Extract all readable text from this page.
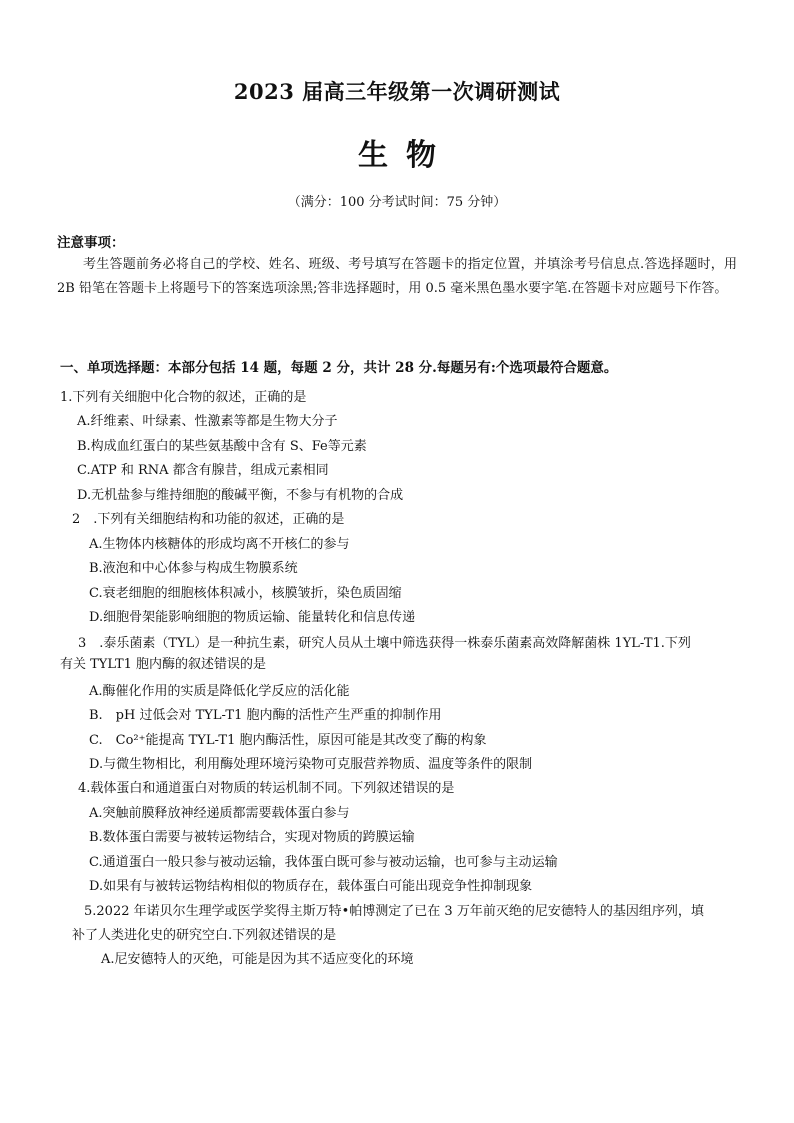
2023 届高三年级第一次调研测试
生物
（满分：100 分考试时间：75 分钟）
注意事项：
考生答题前务必将自己的学校、姓名、班级、考号填写在答题卡的指定位置，并填涂考号信息点.答选择题时，用 2B 铅笔在答题卡上将题号下的答案选项涂黑;答非选择题时，用 0.5 毫米黑色墨水要字笔.在答题卡对应题号下作答。
一、单项选择题：本部分包括 14 题，每题 2 分，共计 28 分.每题另有:个选项最符合题意。
1.下列有关细胞中化合物的叙述，正确的是
A.纤维素、叶绿素、性激素等都是生物大分子
B.构成血红蛋白的某些氨基酸中含有 S、Fe等元素
C.ATP 和 RNA 都含有腺昔，组成元素相同
D.无机盐参与维持细胞的酸碱平衡，不参与有机物的合成
2　.下列有关细胞结构和功能的叙述，正确的是
A.生物体内核糖体的形成均离不开核仁的参与
B.液泡和中心体参与构成生物膜系统
C.衰老细胞的细胞核体积减小，核膜皱折，染色质固缩
D.细胞骨架能影响细胞的物质运输、能量转化和信息传递
3　.泰乐菌素（TYL）是一种抗生素，研究人员从土壤中筛选获得一株泰乐菌素高效降解菌株 1YL-T1.下列
有关 TYLT1 胞内酶的叙述错误的是
A.酶催化作用的实质是降低化学反应的活化能
B.　pH 过低会对 TYL-T1 胞内酶的活性产生严重的抑制作用
C.　Co²⁺能提高 TYL-T1 胞内酶活性，原因可能是其改变了酶的构象
D.与微生物相比，利用酶处理环境污染物可克服营养物质、温度等条件的限制
4.载体蛋白和通道蛋白对物质的转运机制不同。下列叙述错误的是
A.突触前膜释放神经递质都需要载体蛋白参与
B.数体蛋白需要与被转运物结合，实现对物质的跨膜运输
C.通道蛋白一般只参与被动运输，我体蛋白既可参与被动运输，也可参与主动运输
D.如果有与被转运物结构相似的物质存在，载体蛋白可能出现竞争性抑制现象
5.2022 年诺贝尔生理学或医学奖得主斯万特•帕博测定了已在 3 万年前灭绝的尼安德特人的基因组序列，填
补了人类进化史的研究空白.下列叙述错误的是
A.尼安德特人的灭绝，可能是因为其不适应变化的环境
